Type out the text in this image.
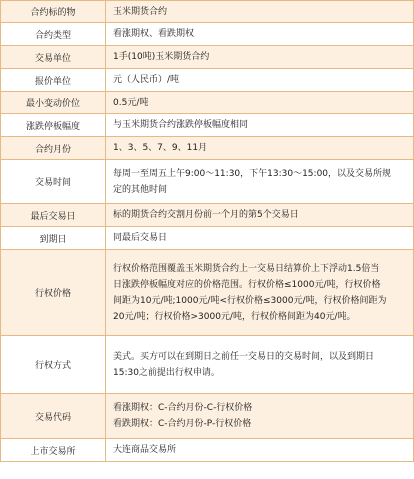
合约标的物	玉米期货合约

合约类型	看涨期权、看跌期权

交易单位	1手(10吨)玉米期货合约

报价单位	元（人民币）/吨

最小变动价位	0.5元/吨

涨跌停板幅度	与玉米期货合约涨跌停板幅度相同

合约月份	1、3、5、7、9、11月

交易时间	每周一至周五上午9:00～11:30，下午13:30～15:00，以及交易所规
定的其他时间

最后交易日	标的期货合约交割月份前一个月的第5个交易日

到期日	同最后交易日

行权价格	行权价格范围覆盖玉米期货合约上一交易日结算价上下浮动1.5倍当
日涨跌停板幅度对应的价格范围。行权价格≤1000元/吨，行权价格
间距为10元/吨;1000元/吨<行权价格≤3000元/吨，行权价格间距为
20元/吨；行权价格>3000元/吨，行权价格间距为40元/吨。

行权方式	美式。买方可以在到期日之前任一交易日的交易时间，以及到期日
15:30之前提出行权申请。

交易代码	看涨期权：C-合约月份-C-行权价格
看跌期权：C-合约月份-P-行权价格

上市交易所	大连商品交易所
